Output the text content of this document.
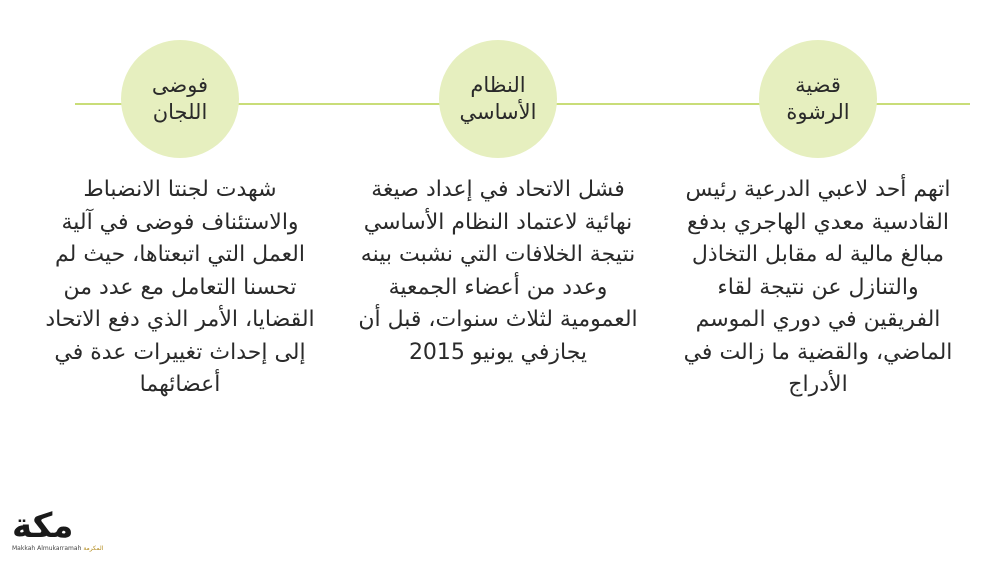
قضية الرشوة
اتهم أحد لاعبي الدرعية رئيس القادسية معدي الهاجري بدفع مبالغ مالية له مقابل التخاذل والتنازل عن نتيجة لقاء الفريقين في دوري الموسم الماضي، والقضية ما زالت في الأدراج
النظام الأساسي
فشل الاتحاد في إعداد صيغة نهائية لاعتماد النظام الأساسي نتيجة الخلافات التي نشبت بينه وعدد من أعضاء الجمعية العمومية لثلاث سنوات، قبل أن يجازفي يونيو 2015
فوضى اللجان
شهدت لجنتا الانضباط والاستئناف فوضى في آلية العمل التي اتبعتاها، حيث لم تحسنا التعامل مع عدد من القضايا، الأمر الذي دفع الاتحاد إلى إحداث تغييرات عدة في أعضائهما
مكة
Makkah Almukarramah المكرمة
